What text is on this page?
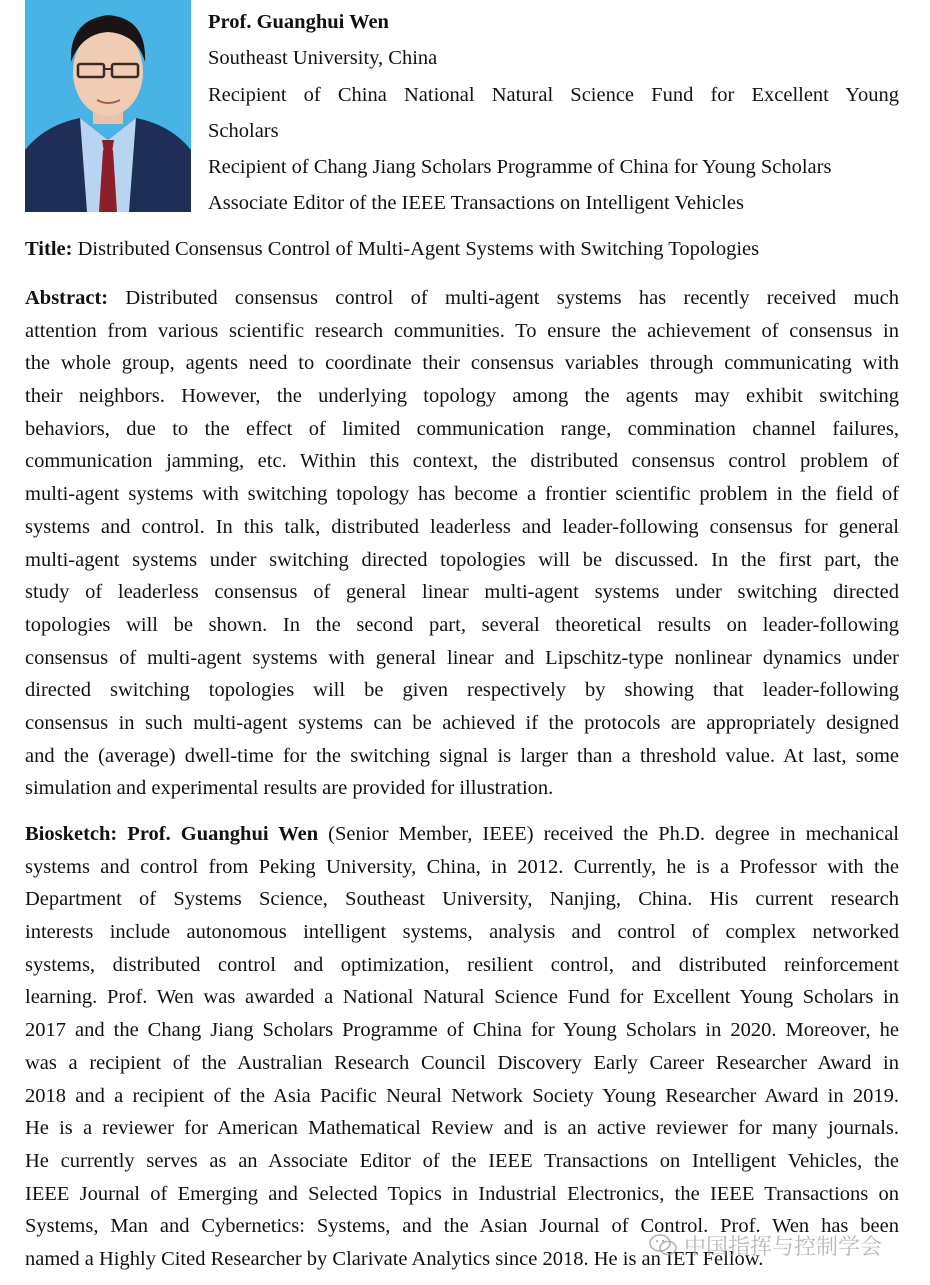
Prof. Guanghui Wen
Southeast University, China
Recipient of China National Natural Science Fund for Excellent Young
Scholars
Recipient of Chang Jiang Scholars Programme of China for Young Scholars
Associate Editor of the IEEE Transactions on Intelligent Vehicles
Title: Distributed Consensus Control of Multi-Agent Systems with Switching Topologies
Abstract: Distributed consensus control of multi-agent systems has recently received much
attention from various scientific research communities. To ensure the achievement of consensus in
the whole group, agents need to coordinate their consensus variables through communicating with
their neighbors. However, the underlying topology among the agents may exhibit switching
behaviors, due to the effect of limited communication range, commination channel failures,
communication jamming, etc. Within this context, the distributed consensus control problem of
multi-agent systems with switching topology has become a frontier scientific problem in the field of
systems and control. In this talk, distributed leaderless and leader-following consensus for general
multi-agent systems under switching directed topologies will be discussed. In the first part, the
study of leaderless consensus of general linear multi-agent systems under switching directed
topologies will be shown. In the second part, several theoretical results on leader-following
consensus of multi-agent systems with general linear and Lipschitz-type nonlinear dynamics under
directed switching topologies will be given respectively by showing that leader-following
consensus in such multi-agent systems can be achieved if the protocols are appropriately designed
and the (average) dwell-time for the switching signal is larger than a threshold value. At last, some
simulation and experimental results are provided for illustration.
Biosketch: Prof. Guanghui Wen (Senior Member, IEEE) received the Ph.D. degree in mechanical
systems and control from Peking University, China, in 2012. Currently, he is a Professor with the
Department of Systems Science, Southeast University, Nanjing, China. His current research
interests include autonomous intelligent systems, analysis and control of complex networked
systems, distributed control and optimization, resilient control, and distributed reinforcement
learning. Prof. Wen was awarded a National Natural Science Fund for Excellent Young Scholars in
2017 and the Chang Jiang Scholars Programme of China for Young Scholars in 2020. Moreover, he
was a recipient of the Australian Research Council Discovery Early Career Researcher Award in
2018 and a recipient of the Asia Pacific Neural Network Society Young Researcher Award in 2019.
He is a reviewer for American Mathematical Review and is an active reviewer for many journals.
He currently serves as an Associate Editor of the IEEE Transactions on Intelligent Vehicles, the
IEEE Journal of Emerging and Selected Topics in Industrial Electronics, the IEEE Transactions on
Systems, Man and Cybernetics: Systems, and the Asian Journal of Control. Prof. Wen has been
named a Highly Cited Researcher by Clarivate Analytics since 2018. He is an IET Fellow.
中国指挥与控制学会
